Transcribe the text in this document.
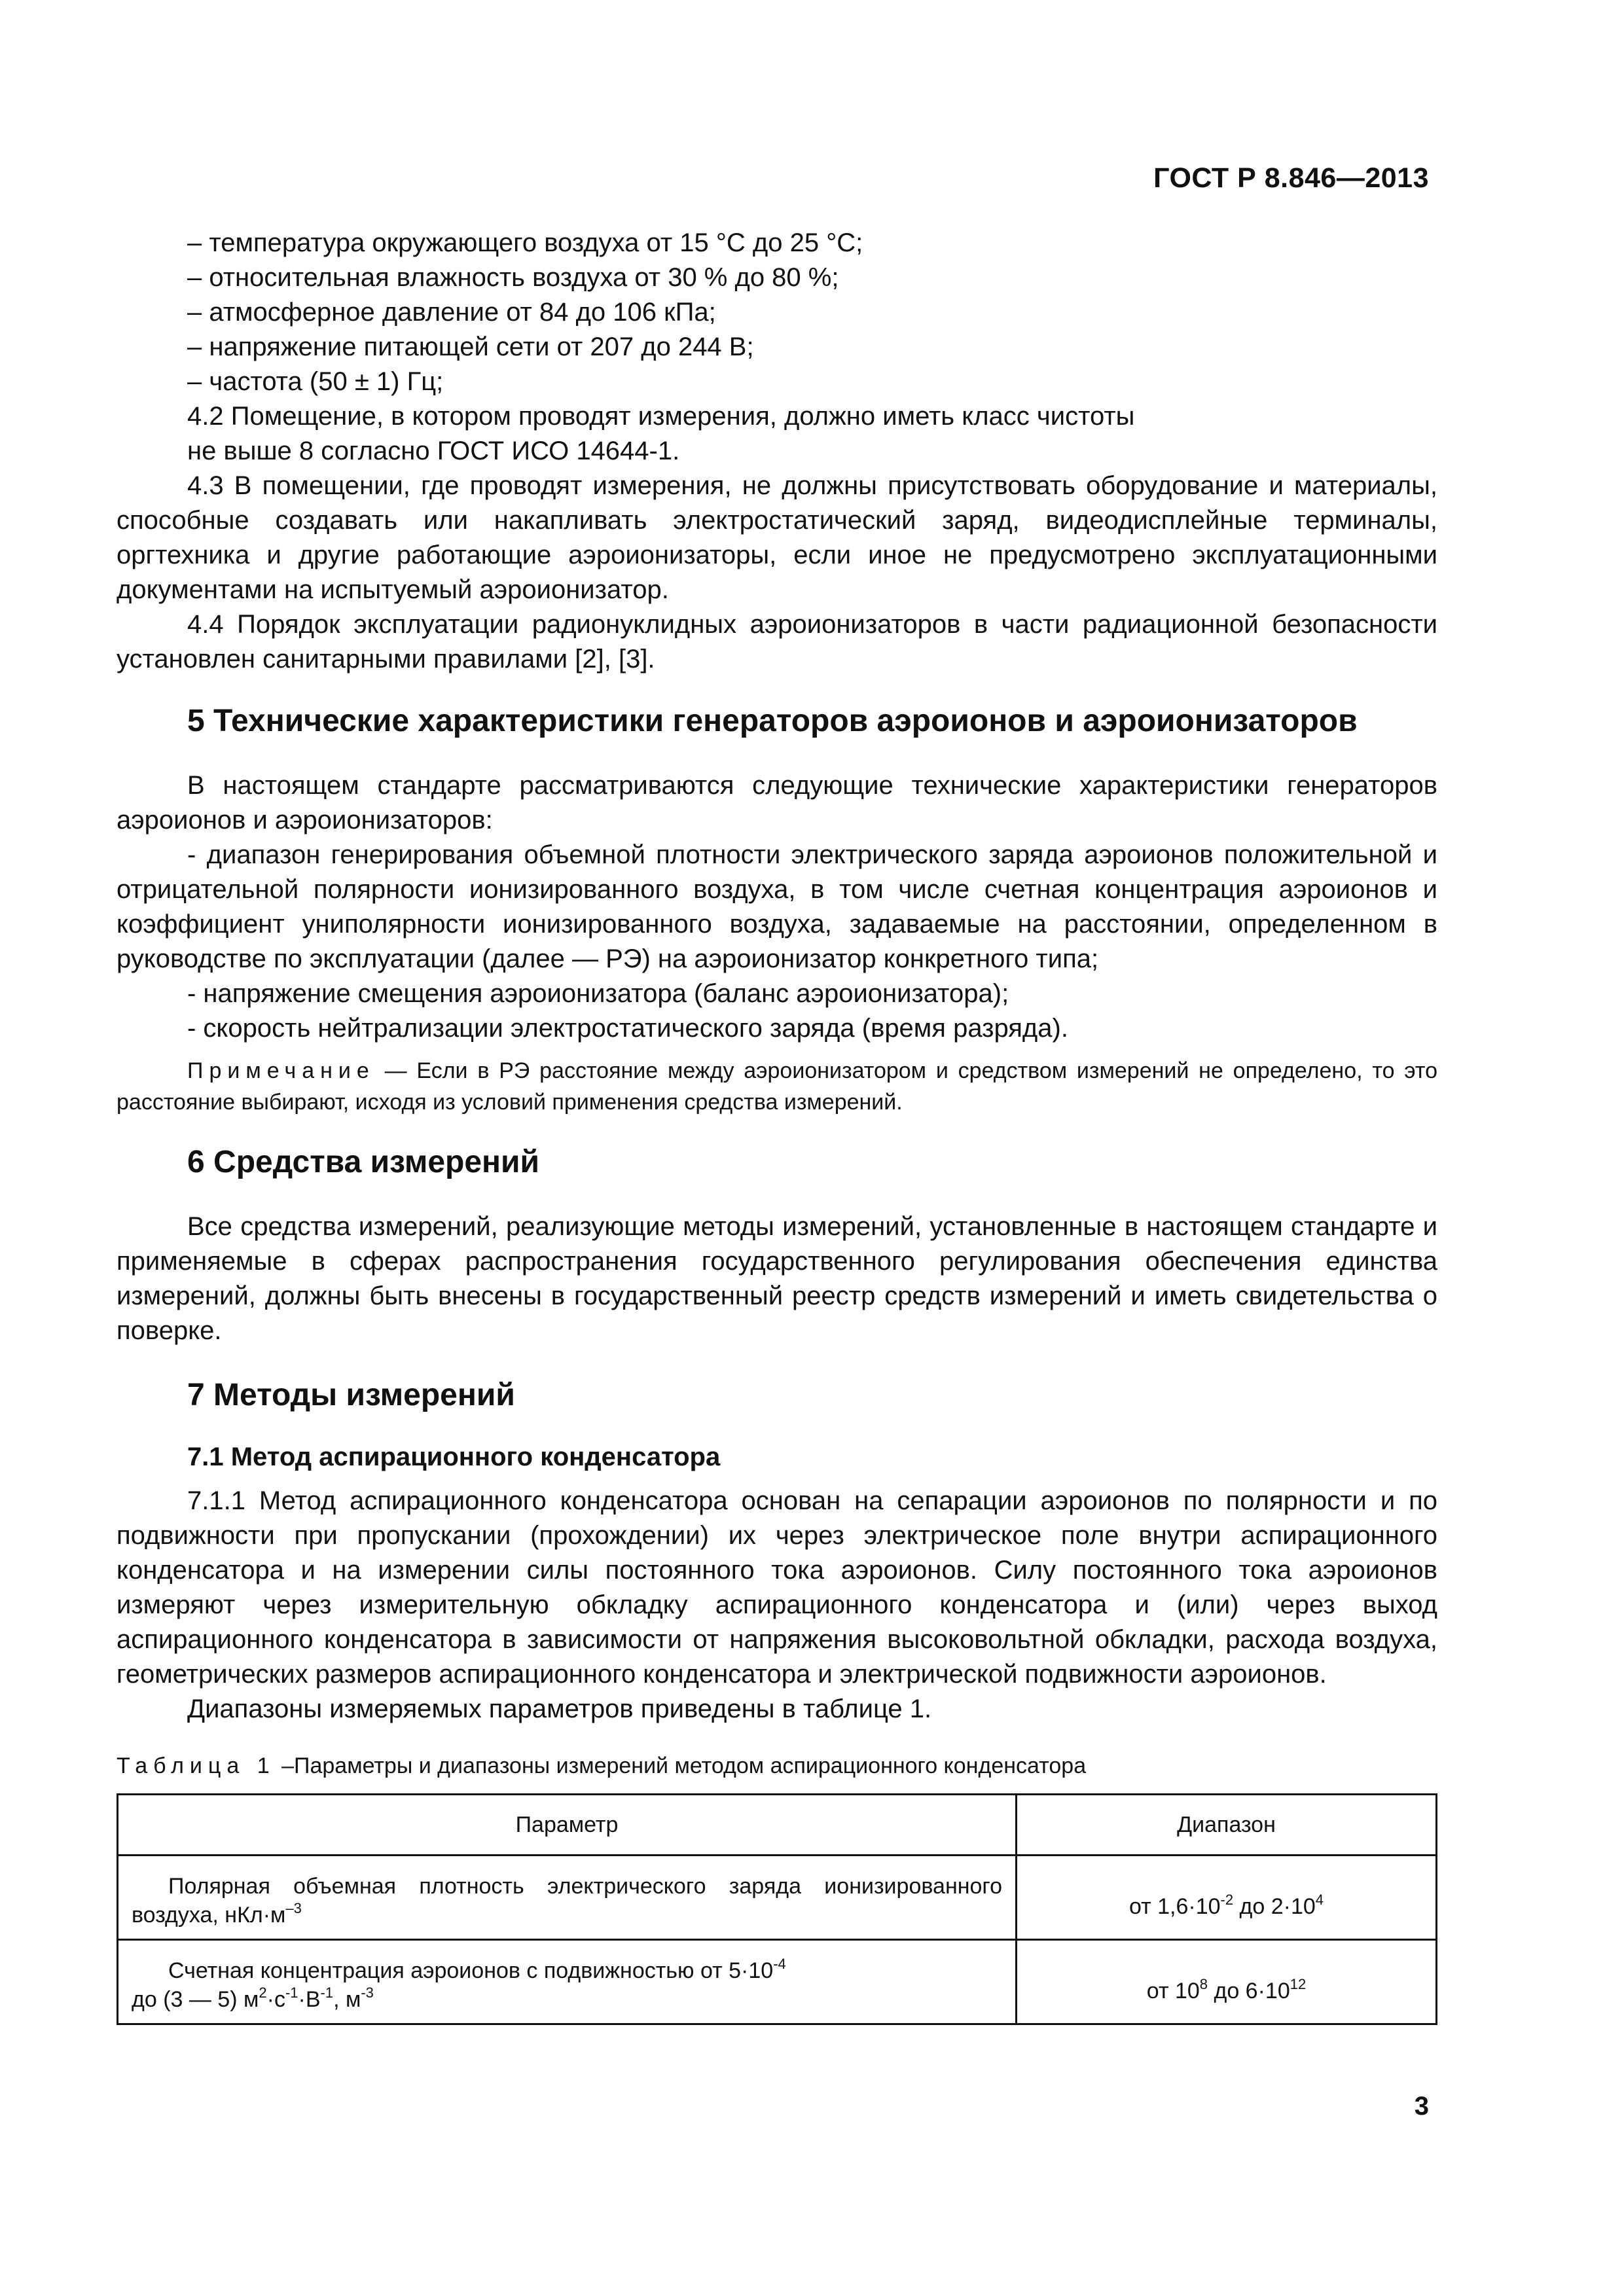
ГОСТ Р 8.846—2013

– температура окружающего воздуха от 15 °С до 25 °С;

– относительная влажность воздуха от 30 % до 80 %;

– атмосферное давление от 84 до 106 кПа;

– напряжение питающей сети от 207 до 244 В;

– частота (50 ± 1) Гц;

4.2 Помещение, в котором проводят измерения, должно иметь класс чистоты

не выше 8 согласно ГОСТ ИСО 14644-1.

4.3 В помещении, где проводят измерения, не должны присутствовать оборудование и материалы, способные создавать или накапливать электростатический заряд, видеодисплейные терминалы, оргтехника и другие работающие аэроионизаторы, если иное не предусмотрено эксплуатационными документами на испытуемый аэроионизатор.

4.4 Порядок эксплуатации радионуклидных аэроионизаторов в части радиационной безопасности установлен санитарными правилами [2], [3].

5 Технические характеристики генераторов аэроионов и аэроионизаторов

В настоящем стандарте рассматриваются следующие технические характеристики генераторов аэроионов и аэроионизаторов:

- диапазон генерирования объемной плотности электрического заряда аэроионов положительной и отрицательной полярности ионизированного воздуха, в том числе счетная концентрация аэроионов и коэффициент униполярности ионизированного воздуха, задаваемые на расстоянии, определенном в руководстве по эксплуатации (далее — РЭ) на аэроионизатор конкретного типа;

- напряжение смещения аэроионизатора (баланс аэроионизатора);

- скорость нейтрализации электростатического заряда (время разряда).

Примечание — Если в РЭ расстояние между аэроионизатором и средством измерений не определено, то это расстояние выбирают, исходя из условий применения средства измерений.

6 Средства измерений

Все средства измерений, реализующие методы измерений, установленные в настоящем стандарте и применяемые в сферах распространения государственного регулирования обеспечения единства измерений, должны быть внесены в государственный реестр средств измерений и иметь свидетельства о поверке.

7 Методы измерений
7.1 Метод аспирационного конденсатора

7.1.1 Метод аспирационного конденсатора основан на сепарации аэроионов по полярности и по подвижности при пропускании (прохождении) их через электрическое поле внутри аспирационного конденсатора и на измерении силы постоянного тока аэроионов. Силу постоянного тока аэроионов измеряют через измерительную обкладку аспирационного конденсатора и (или) через выход аспирационного конденсатора в зависимости от напряжения высоковольтной обкладки, расхода воздуха, геометрических размеров аспирационного конденсатора и электрической подвижности аэроионов.

Диапазоны измеряемых параметров приведены в таблице 1.

Таблица 1 –Параметры и диапазоны измерений методом аспирационного конденсатора

Параметр	Диапазон
Полярная объемная плотность электрического заряда ионизированного воздуха, $нКл\cdot м^{-3}$	от $1,6\cdot 10^{-2}$ до $2\cdot 10^4$
Счетная концентрация аэроионов с подвижностью от $5\cdot 10^{-4}$
до (3 — 5) $м^2\cdot с^{-1}\cdot В^{-1}$, $м^{-3}$	от $10^8$ до $6\cdot 10^{12}$
3
